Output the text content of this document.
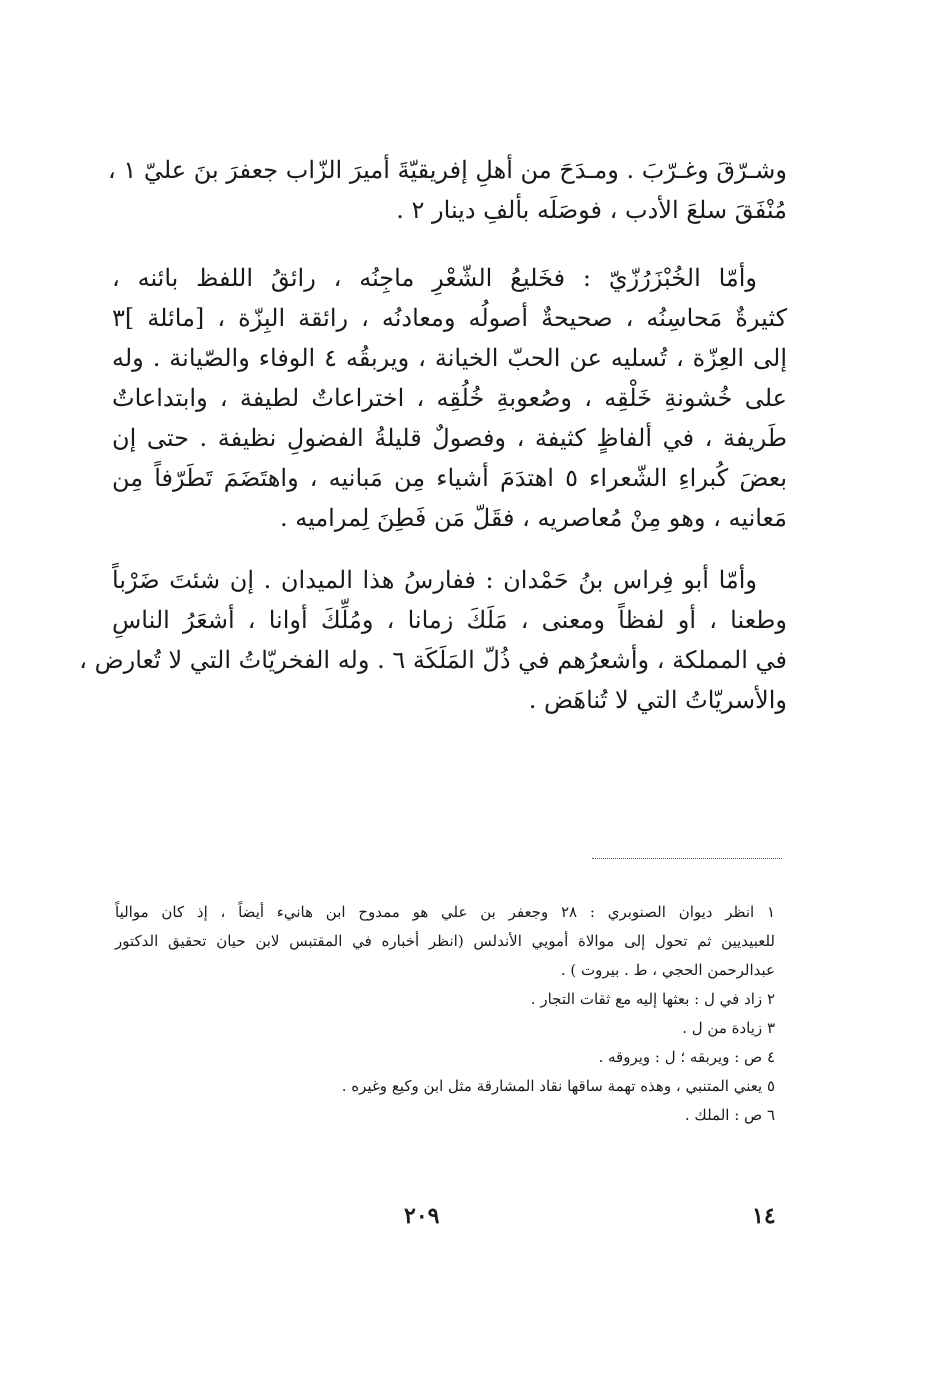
وشـرّقَ وغـرّبَ . ومـدَحَ من أهلِ إفريقيّةَ أميرَ الزّاب جعفرَ بنَ عليّ ١ ،
مُنْفَقَ سلعَ الأدب ، فوصَلَه بألفِ دينار ٢ .
وأمّا الخُبْزَرُزّيّ : فخَليعُ الشّعْرِ ماجِنُه ، رائقُ اللفظ بائنه ،
كثيرةٌ مَحاسِنُه ، صحيحةٌ أصولُه ومعادنُه ، رائقة البِزّة ، [مائلة ]٣
إلى العِزّة ، تُسليه عن الحبّ الخيانة ، ويربقُه ٤ الوفاء والصّيانة . وله
على خُشونةِ خَلْقِه ، وصُعوبةِ خُلُقِه ، اختراعاتٌ لطيفة ، وابتداعاتٌ
طَريفة ، في ألفاظٍ كثيفة ، وفصولٌ قليلةُ الفضولِ نظيفة . حتى إن
بعضَ كُبراءِ الشّعراء ٥ اهتدَمَ أشياء مِن مَبانيه ، واهتَضَمَ تَطَرّفاً مِن
مَعانيه ، وهو مِنْ مُعاصريه ، فقَلّ مَن فَطِنَ لِمراميه .
وأمّا أبو فِراس بنُ حَمْدان : ففارسُ هذا الميدان . إن شئتَ ضَرْباً
وطعنا ، أو لفظاً ومعنى ، مَلَكَ زمانا ، ومُلِّكَ أوانا ، أشعَرُ الناسِ
في المملكة ، وأشعرُهم في ذُلّ المَلَكَة ٦ . وله الفخريّاتُ التي لا تُعارض ،
والأسريّاتُ التي لا تُناهَض .
١ انظر ديوان الصنوبري : ٢٨ وجعفر بن علي هو ممدوح ابن هانيء أيضاً ، إذ كان موالياً
للعبيديين ثم تحول إلى موالاة أمويي الأندلس (انظر أخباره في المقتبس لابن حيان تحقيق الدكتور
عبدالرحمن الحجي ، ط . بيروت ) .
٢ زاد في ل : بعثها إليه مع ثقات التجار .
٣ زيادة من ل .
٤ ص : ويربقه ؛ ل : ويروقه .
٥ يعني المتنبي ، وهذه تهمة ساقها نقاد المشارقة مثل ابن وكيع وغيره .
٦ ص : الملك .
٢٠٩	١٤
